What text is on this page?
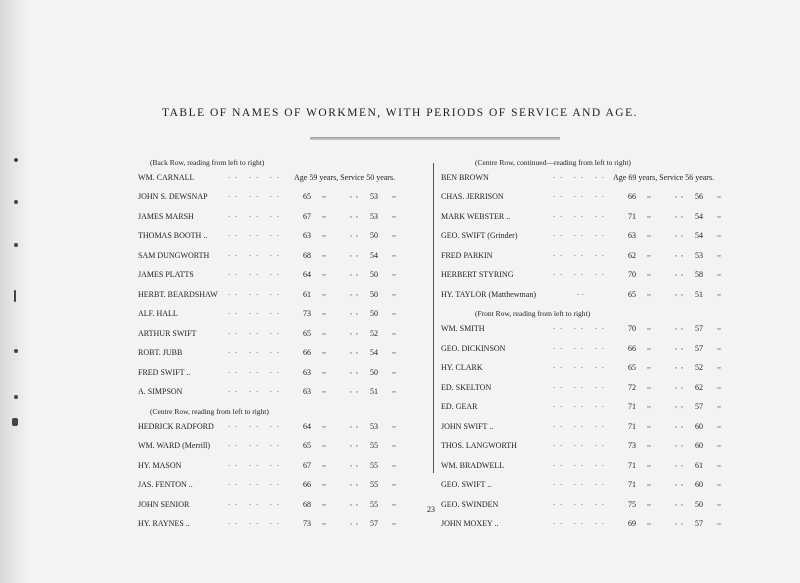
TABLE OF NAMES OF WORKMEN, WITH PERIODS OF SERVICE AND AGE.
(Back Row, reading from left to right)
WM. CARNALL	.. .. .. Age 59 years, Service 50 years.
JOHN S. DEWSNAP	.. .. .. 65 ,,	,, 53 ,,
JAMES MARSH	.. .. .. 67 ,,	,, 53 ,,
THOMAS BOOTH ..	.. .. .. 63 ,,	,, 50 ,,
SAM DUNGWORTH .. .. .. 68 ,,	,, 54 ,,
JAMES PLATTS	.. .. .. 64 ,,	,, 50 ,,
HERBT. BEARDSHAW .. .. .. 61 ,,	,, 50 ,,
ALF. HALL	.. .. .. 73 ,,	,, 50 ,,
ARTHUR SWIFT	.. .. .. 65 ,,	,, 52 ,,
ROBT. JUBB	.. .. .. 66 ,,	,, 54 ,,
FRED SWIFT ..	.. .. .. 63 ,,	,, 50 ,,
A. SIMPSON	.. .. .. 63 ,,	,, 51 ,,
(Centre Row, reading from left to right)
HEDRICK RADFORD .. .. .. 64 ,,	,, 53 ,,
WM. WARD (Merrill) .. .. .. 65 ,,	,, 55 ,,
HY. MASON	.. .. .. 67 ,,	,, 55 ,,
JAS. FENTON ..	.. .. .. 66 ,,	,, 55 ,,
JOHN SENIOR	.. .. .. 68 ,,	,, 55 ,,
HY. RAYNES ..	.. .. .. 73 ,,	,, 57 ,,
(Centre Row, continued—reading from left to right)
BEN BROWN	.. .. .. Age 69 years, Service 56 years.
CHAS. JERRISON	.. .. .. 66 ,,	,, 56 ,,
MARK WEBSTER ..	.. .. .. 71 ,,	,, 54 ,,
GEO. SWIFT (Grinder)	.. .. .. 63 ,,	,, 54 ,,
FRED PARKIN	.. .. .. 62 ,,	,, 53 ,,
HERBERT STYRING	.. .. .. 70 ,,	,, 58 ,,
HY. TAYLOR (Matthewman)	..	65 ,,	,, 51 ,,
(Front Row, reading from left to right)
WM. SMITH	.. .. .. 70 ,,	,, 57 ,,
GEO. DICKINSON	.. .. .. 66 ,,	,, 57 ,,
HY. CLARK	.. .. .. 65 ,,	,, 52 ,,
ED. SKELTON	.. .. .. 72 ,,	,, 62 ,,
ED. GEAR	.. .. .. 71 ,,	,, 57 ,,
JOHN SWIFT ..	.. .. .. 71 ,,	,, 60 ,,
THOS. LANGWORTH	.. .. .. 73 ,,	,, 60 ,,
WM. BRADWELL	.. .. .. 71 ,,	,, 61 ,,
GEO. SWIFT ..	.. .. .. 71 ,,	,, 60 ,,
GEO. SWINDEN	.. .. .. 75 ,,	,, 50 ,,
JOHN MOXEY ..	.. .. .. 69 ,,	,, 57 ,,
23
